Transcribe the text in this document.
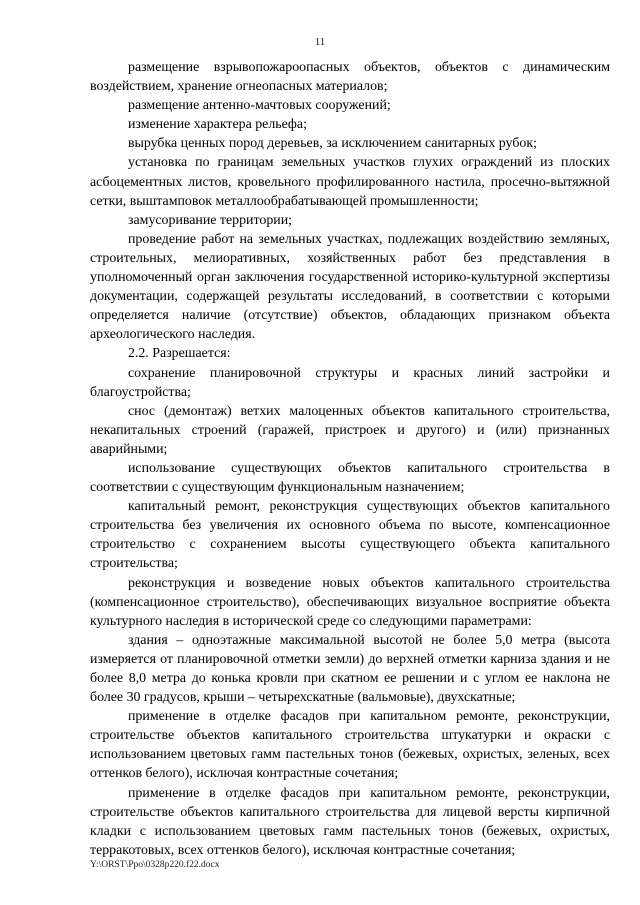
11

размещение взрывопожароопасных объектов, объектов с динамическим воздействием, хранение огнеопасных материалов;

размещение антенно-мачтовых сооружений;

изменение характера рельефа;

вырубка ценных пород деревьев, за исключением санитарных рубок;

установка по границам земельных участков глухих ограждений из плоских асбоцементных листов, кровельного профилированного настила, просечно-вытяжной сетки, выштамповок металлообрабатывающей промышленности;

замусоривание территории;

проведение работ на земельных участках, подлежащих воздействию земляных, строительных, мелиоративных, хозяйственных работ без представления в уполномоченный орган заключения государственной историко-культурной экспертизы документации, содержащей результаты исследований, в соответствии с которыми определяется наличие (отсутствие) объектов, обладающих признаком объекта археологического наследия.

2.2. Разрешается:

сохранение планировочной структуры и красных линий застройки и благоустройства;

снос (демонтаж) ветхих малоценных объектов капитального строительства, некапитальных строений (гаражей, пристроек и другого) и (или) признанных аварийными;

использование существующих объектов капитального строительства в соответствии с существующим функциональным назначением;

капитальный ремонт, реконструкция существующих объектов капитального строительства без увеличения их основного объема по высоте, компенсационное строительство с сохранением высоты существующего объекта капитального строительства;

реконструкция и возведение новых объектов капитального строительства (компенсационное строительство), обеспечивающих визуальное восприятие объекта культурного наследия в исторической среде со следующими параметрами:

здания – одноэтажные максимальной высотой не более 5,0 метра (высота измеряется от планировочной отметки земли) до верхней отметки карниза здания и не более 8,0 метра до конька кровли при скатном ее решении и с углом ее наклона не более 30 градусов, крыши – четырехскатные (вальмовые), двухскатные;

применение в отделке фасадов при капитальном ремонте, реконструкции, строительстве объектов капитального строительства штукатурки и окраски с использованием цветовых гамм пастельных тонов (бежевых, охристых, зеленых, всех оттенков белого), исключая контрастные сочетания;

применение в отделке фасадов при капитальном ремонте, реконструкции, строительстве объектов капитального строительства для лицевой версты кирпичной кладки с использованием цветовых гамм пастельных тонов (бежевых, охристых, терракотовых, всех оттенков белого), исключая контрастные сочетания;

Y:\ORST\Ppo\0328p220.f22.docx
